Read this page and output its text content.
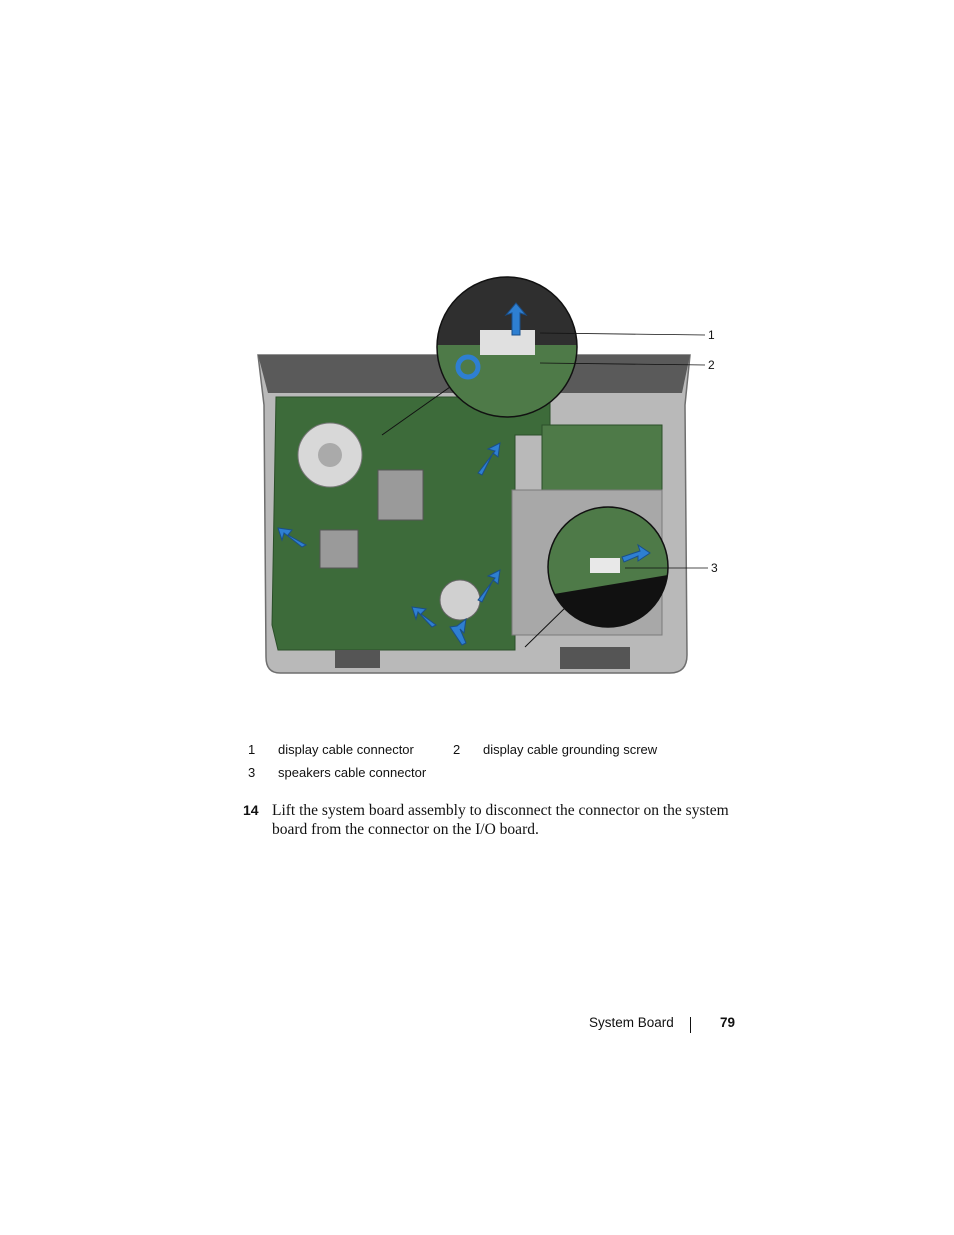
1
2
3
1 display cable connector	2 display cable grounding screw
3 speakers cable connector
14 Lift the system board assembly to disconnect the connector on the system board from the connector on the I/O board.
System Board	79
